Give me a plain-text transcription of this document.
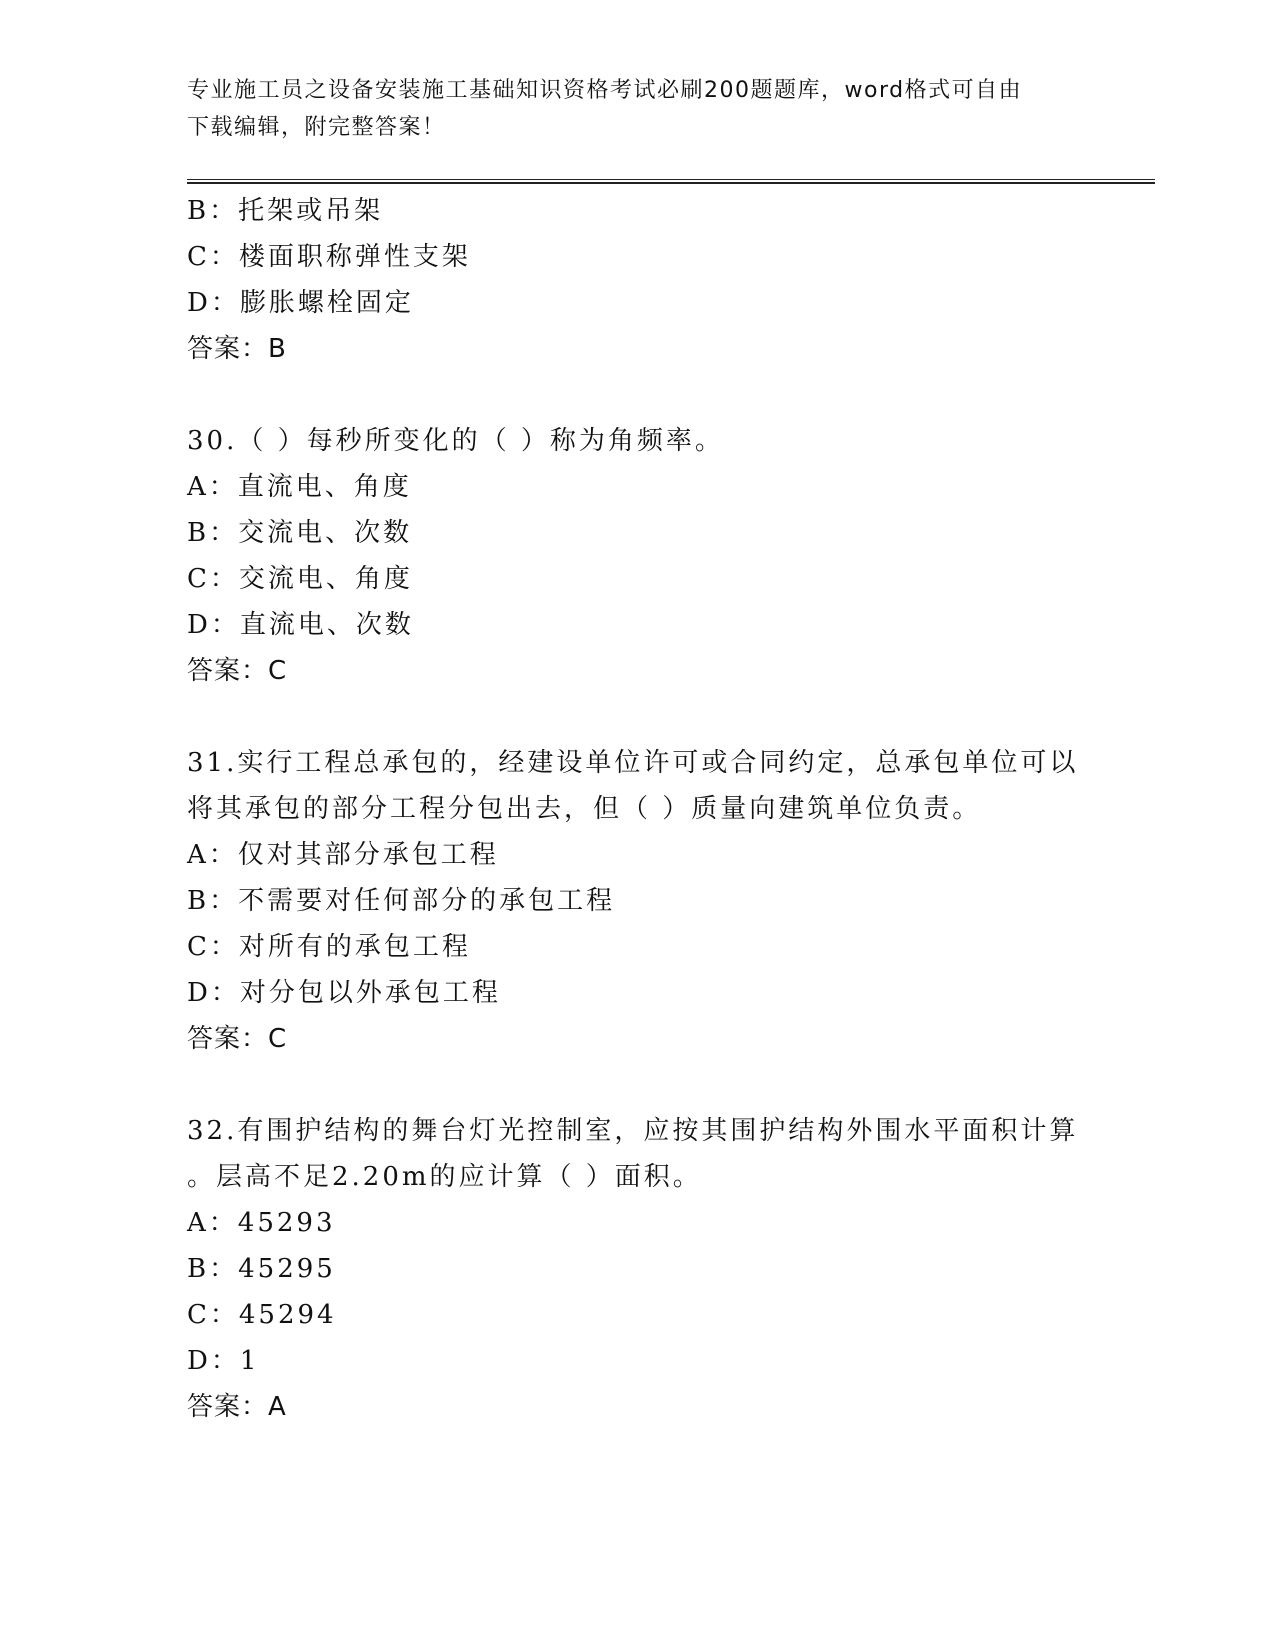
专业施工员之设备安装施工基础知识资格考试必刷200题题库，word格式可自由
下载编辑，附完整答案！
B：托架或吊架
C：楼面职称弹性支架
D：膨胀螺栓固定
答案：B
30.（ ）每秒所变化的（ ）称为角频率。
A：直流电、角度
B：交流电、次数
C：交流电、角度
D：直流电、次数
答案：C
31.实行工程总承包的，经建设单位许可或合同约定，总承包单位可以
将其承包的部分工程分包出去，但（ ）质量向建筑单位负责。
A：仅对其部分承包工程
B：不需要对任何部分的承包工程
C：对所有的承包工程
D：对分包以外承包工程
答案：C
32.有围护结构的舞台灯光控制室，应按其围护结构外围水平面积计算
。层高不足2.20m的应计算（ ）面积。
A：45293
B：45295
C：45294
D：1
答案：A
